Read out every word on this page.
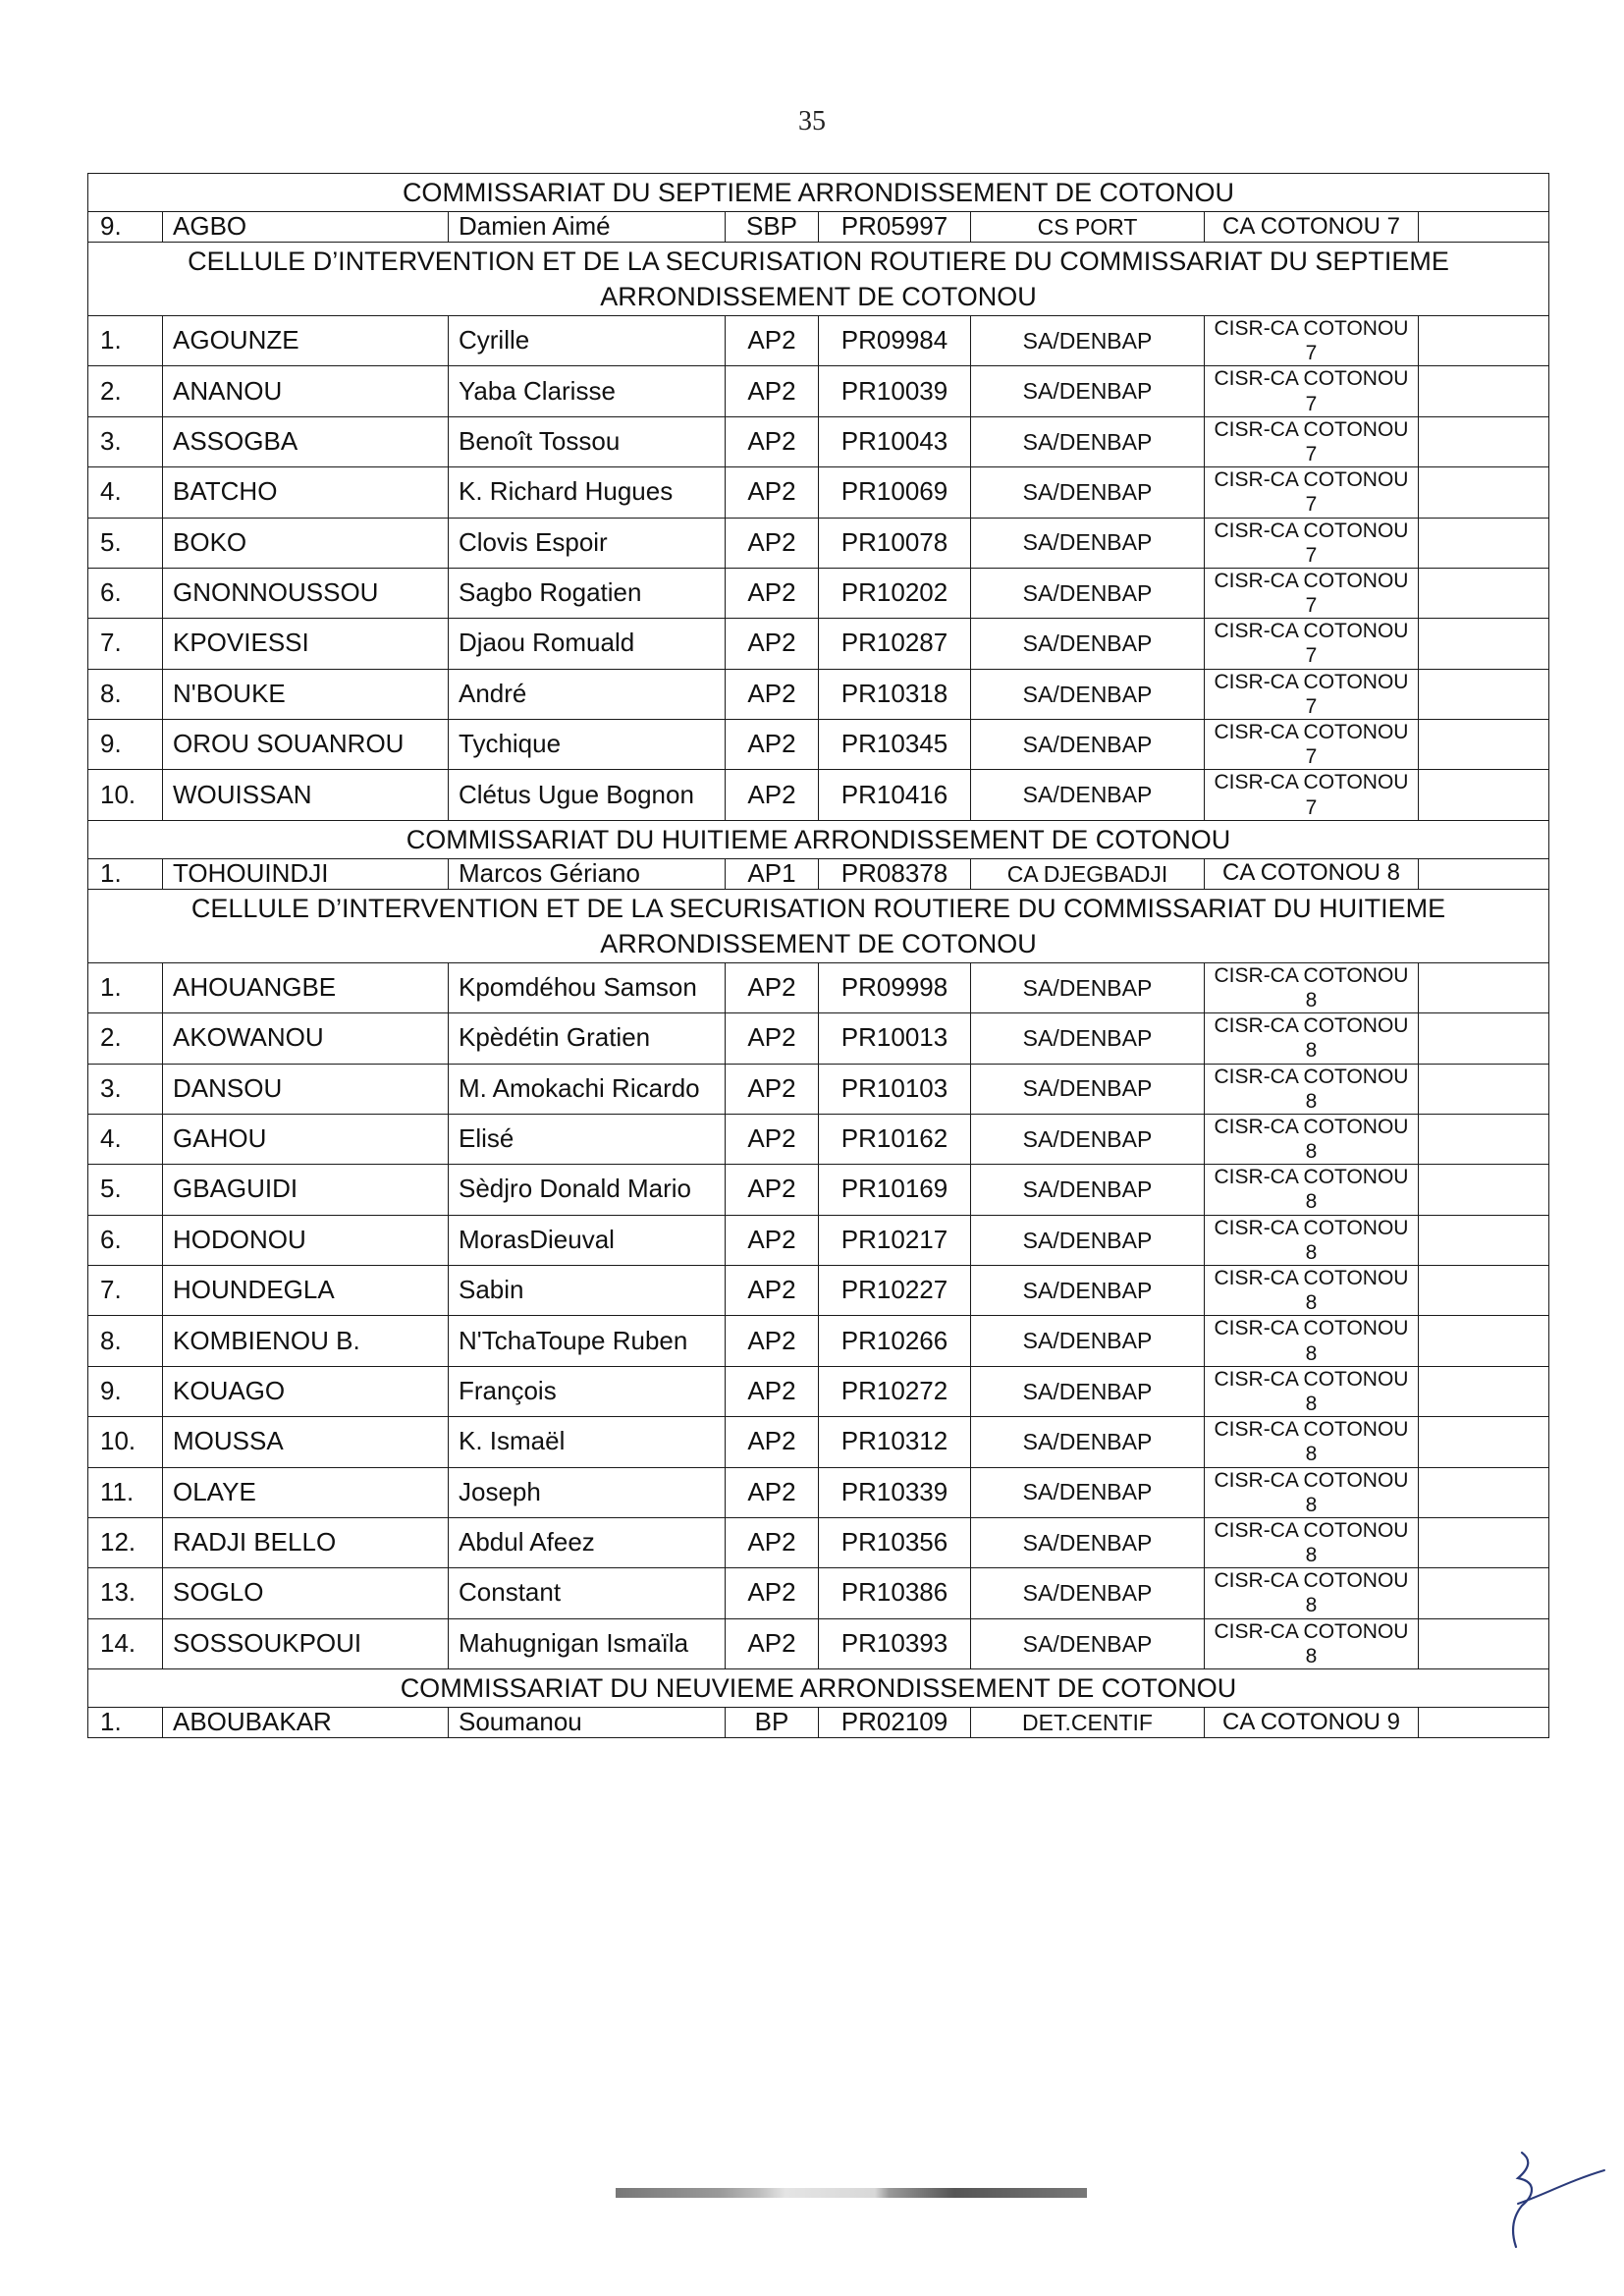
35
COMMISSARIAT DU SEPTIEME ARRONDISSEMENT DE COTONOU							
9.	AGBO	Damien Aimé	SBP	PR05997	CS PORT	CA COTONOU 7	
CELLULE D’INTERVENTION ET DE LA SECURISATION ROUTIERE DU COMMISSARIAT DU SEPTIEME ARRONDISSEMENT DE COTONOU							
1.	AGOUNZE	Cyrille	AP2	PR09984	SA/DENBAP	CISR-CA COTONOU 7	
2.	ANANOU	Yaba Clarisse	AP2	PR10039	SA/DENBAP	CISR-CA COTONOU 7	
3.	ASSOGBA	Benoît Tossou	AP2	PR10043	SA/DENBAP	CISR-CA COTONOU 7	
4.	BATCHO	K. Richard Hugues	AP2	PR10069	SA/DENBAP	CISR-CA COTONOU 7	
5.	BOKO	Clovis Espoir	AP2	PR10078	SA/DENBAP	CISR-CA COTONOU 7	
6.	GNONNOUSSOU	Sagbo Rogatien	AP2	PR10202	SA/DENBAP	CISR-CA COTONOU 7	
7.	KPOVIESSI	Djaou Romuald	AP2	PR10287	SA/DENBAP	CISR-CA COTONOU 7	
8.	N'BOUKE	André	AP2	PR10318	SA/DENBAP	CISR-CA COTONOU 7	
9.	OROU SOUANROU	Tychique	AP2	PR10345	SA/DENBAP	CISR-CA COTONOU 7	
10.	WOUISSAN	Clétus Ugue Bognon	AP2	PR10416	SA/DENBAP	CISR-CA COTONOU 7	
COMMISSARIAT DU HUITIEME ARRONDISSEMENT DE COTONOU							
1.	TOHOUINDJI	Marcos Gériano	AP1	PR08378	CA DJEGBADJI	CA COTONOU 8	
CELLULE D’INTERVENTION ET DE LA SECURISATION ROUTIERE DU COMMISSARIAT DU HUITIEME ARRONDISSEMENT DE COTONOU							
1.	AHOUANGBE	Kpomdéhou Samson	AP2	PR09998	SA/DENBAP	CISR-CA COTONOU 8	
2.	AKOWANOU	Kpèdétin Gratien	AP2	PR10013	SA/DENBAP	CISR-CA COTONOU 8	
3.	DANSOU	M. Amokachi Ricardo	AP2	PR10103	SA/DENBAP	CISR-CA COTONOU 8	
4.	GAHOU	Elisé	AP2	PR10162	SA/DENBAP	CISR-CA COTONOU 8	
5.	GBAGUIDI	Sèdjro Donald Mario	AP2	PR10169	SA/DENBAP	CISR-CA COTONOU 8	
6.	HODONOU	MorasDieuval	AP2	PR10217	SA/DENBAP	CISR-CA COTONOU 8	
7.	HOUNDEGLA	Sabin	AP2	PR10227	SA/DENBAP	CISR-CA COTONOU 8	
8.	KOMBIENOU B.	N'TchaToupe Ruben	AP2	PR10266	SA/DENBAP	CISR-CA COTONOU 8	
9.	KOUAGO	François	AP2	PR10272	SA/DENBAP	CISR-CA COTONOU 8	
10.	MOUSSA	K. Ismaël	AP2	PR10312	SA/DENBAP	CISR-CA COTONOU 8	
11.	OLAYE	Joseph	AP2	PR10339	SA/DENBAP	CISR-CA COTONOU 8	
12.	RADJI BELLO	Abdul Afeez	AP2	PR10356	SA/DENBAP	CISR-CA COTONOU 8	
13.	SOGLO	Constant	AP2	PR10386	SA/DENBAP	CISR-CA COTONOU 8	
14.	SOSSOUKPOUI	Mahugnigan Ismaïla	AP2	PR10393	SA/DENBAP	CISR-CA COTONOU 8	
COMMISSARIAT DU NEUVIEME ARRONDISSEMENT DE COTONOU							
1.	ABOUBAKAR	Soumanou	BP	PR02109	DET.CENTIF	CA COTONOU 9	
